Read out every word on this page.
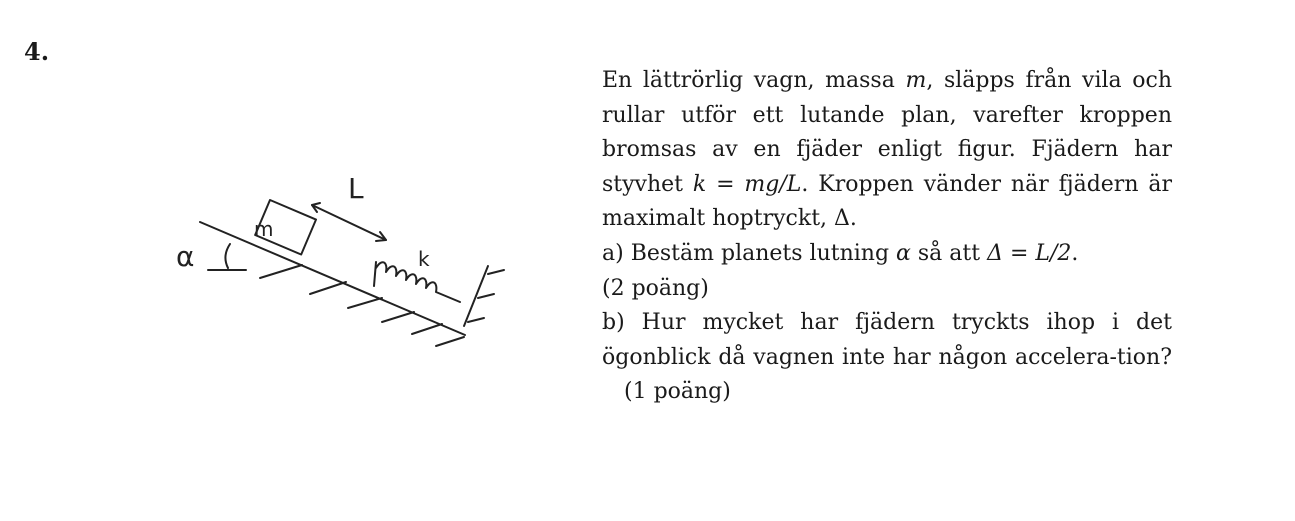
4.
α
m
L
k

En lättrörlig vagn, massa m, släpps från vila och rullar utför ett lutande plan, varefter kroppen bromsas av en fjäder enligt figur. Fjädern har styvhet k = mg/L. Kroppen vänder när fjädern är maximalt hoptryckt, Δ.

a) Bestäm planets lutning α så att Δ = L/2.
(2 poäng)

b) Hur mycket har fjädern tryckts ihop i det ögonblick då vagnen inte har någon accelera-tion?(1 poäng)
